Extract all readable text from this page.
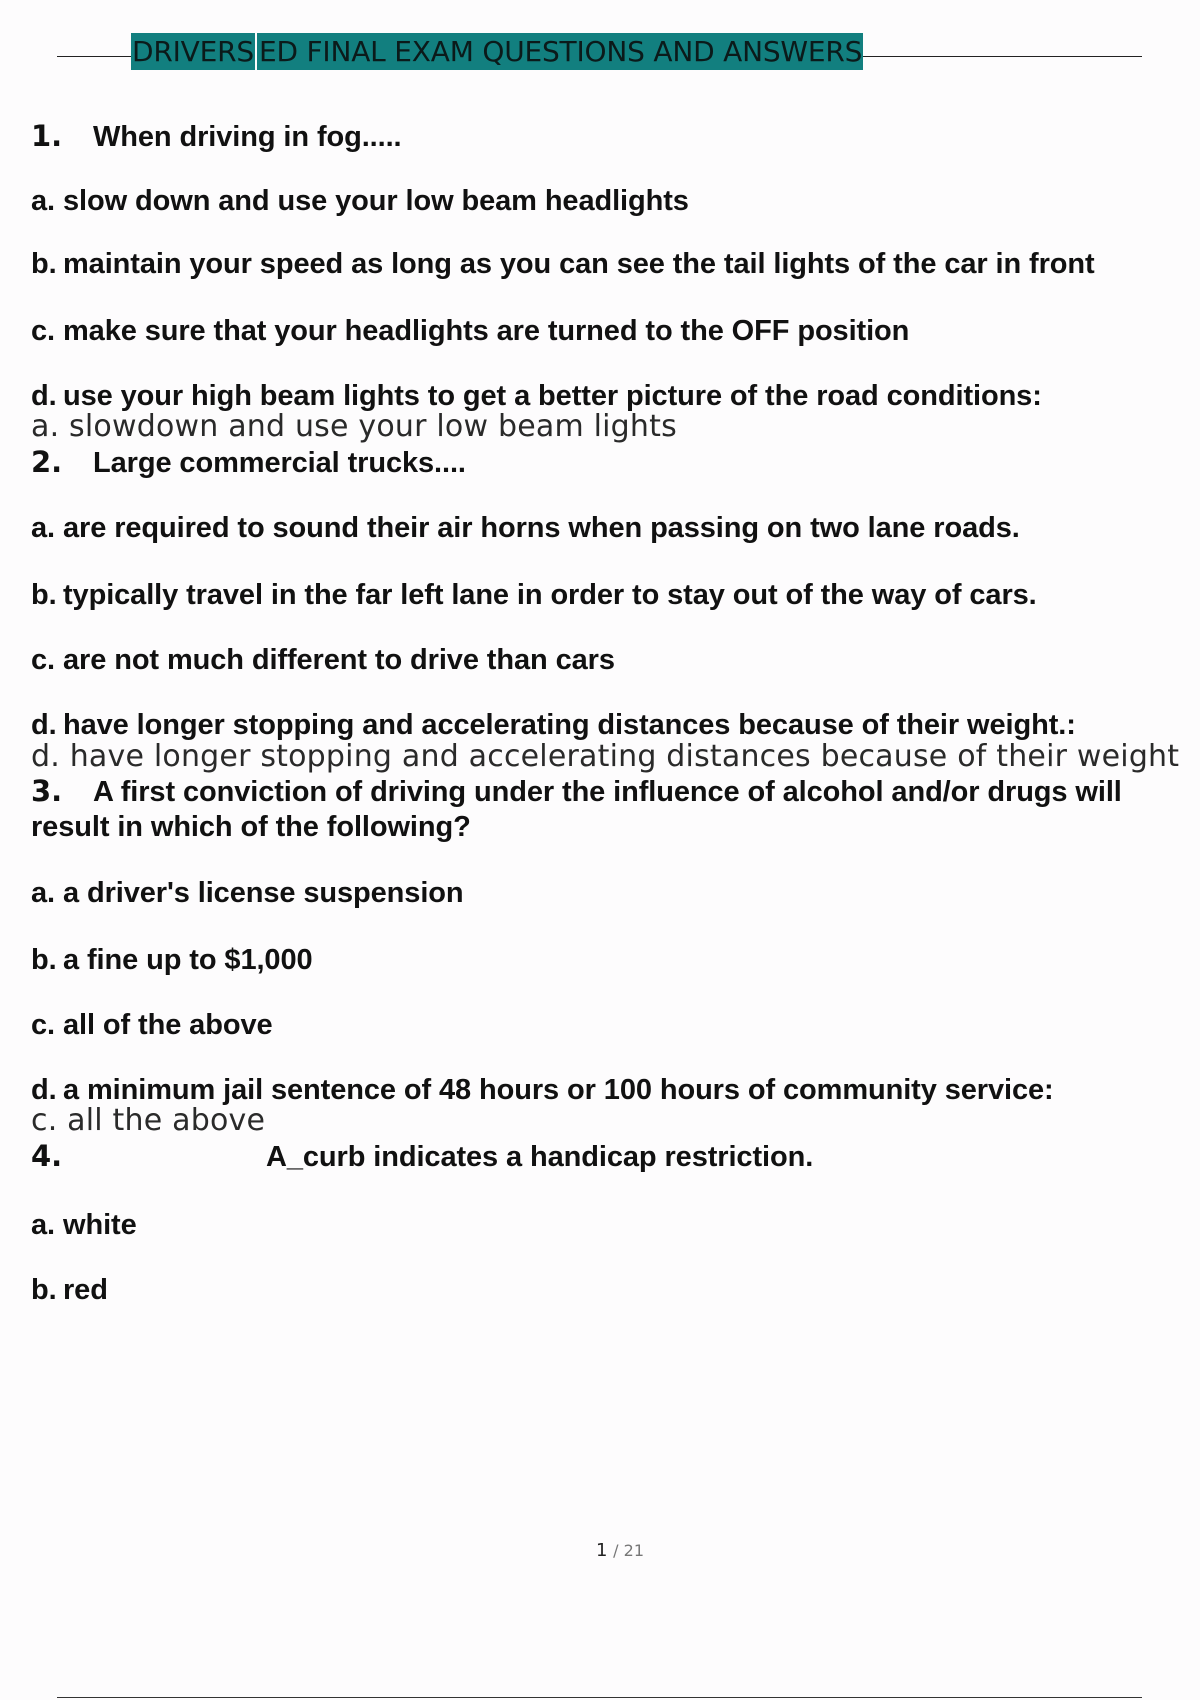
DRIVERS ED FINAL EXAM QUESTIONS AND ANSWERS

1. When driving in fog.....

a. slow down and use your low beam headlights
b. maintain your speed as long as you can see the tail lights of the car in front
c. make sure that your headlights are turned to the OFF position
d. use your high beam lights to get a better picture of the road conditions:

a. slowdown and use your low beam lights

2. Large commercial trucks....

a. are required to sound their air horns when passing on two lane roads.
b. typically travel in the far left lane in order to stay out of the way of cars.
c. are not much different to drive than cars
d. have longer stopping and accelerating distances because of their weight.:

d. have longer stopping and accelerating distances because of their weight

3. A first conviction of driving under the influence of alcohol and/or drugs will result in which of the following?

a. a driver's license suspension
b. a fine up to $1,000
c. all of the above
d. a minimum jail sentence of 48 hours or 100 hours of community service:

c. all the above

4.	A_curb indicates a handicap restriction.

a. white
b. red
1 / 21
